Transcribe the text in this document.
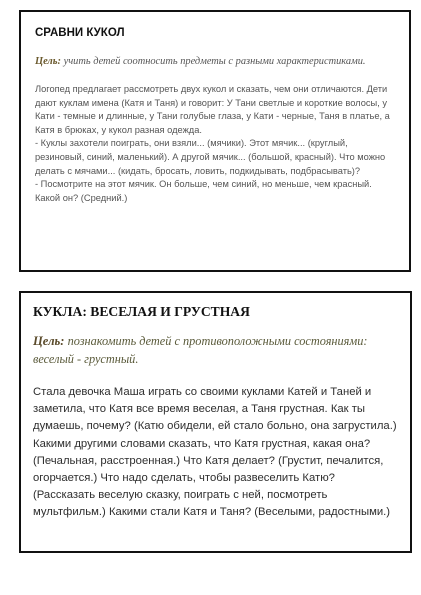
СРАВНИ КУКОЛ
Цель: учить детей соотносить предметы с разными характеристиками.

Логопед предлагает рассмотреть двух кукол и сказать, чем они отличаются. Дети дают куклам имена (Катя и Таня) и говорит: У Тани светлые и короткие волосы, у Кати - темные и длинные, у Тани голубые глаза, у Кати - черные, Таня в платье, а Катя в брюках, у кукол разная одежда.

- Куклы захотели поиграть, они взяли... (мячики). Этот мячик... (круглый, резиновый, синий, маленький). А другой мячик... (большой, красный). Что можно делать с мячами... (кидать, бросать, ловить, подкидывать, подбрасывать)?

- Посмотрите на этот мячик. Он больше, чем синий, но меньше, чем красный. Какой он? (Средний.)

КУКЛА: ВЕСЕЛАЯ И ГРУСТНАЯ
Цель: познакомить детей с противоположными состояниями: веселый - грустный.

Стала девочка Маша играть со своими куклами Катей и Таней и заметила, что Катя все время веселая, а Таня грустная. Как ты думаешь, почему? (Катю обидели, ей стало больно, она загрустила.) Какими другими словами сказать, что Катя грустная, какая она? (Печальная, расстроенная.) Что Катя делает? (Грустит, печалится, огорчается.) Что надо сделать, чтобы развеселить Катю? (Рассказать веселую сказку, поиграть с ней, посмотреть мультфильм.) Какими стали Катя и Таня? (Веселыми, радостными.)
